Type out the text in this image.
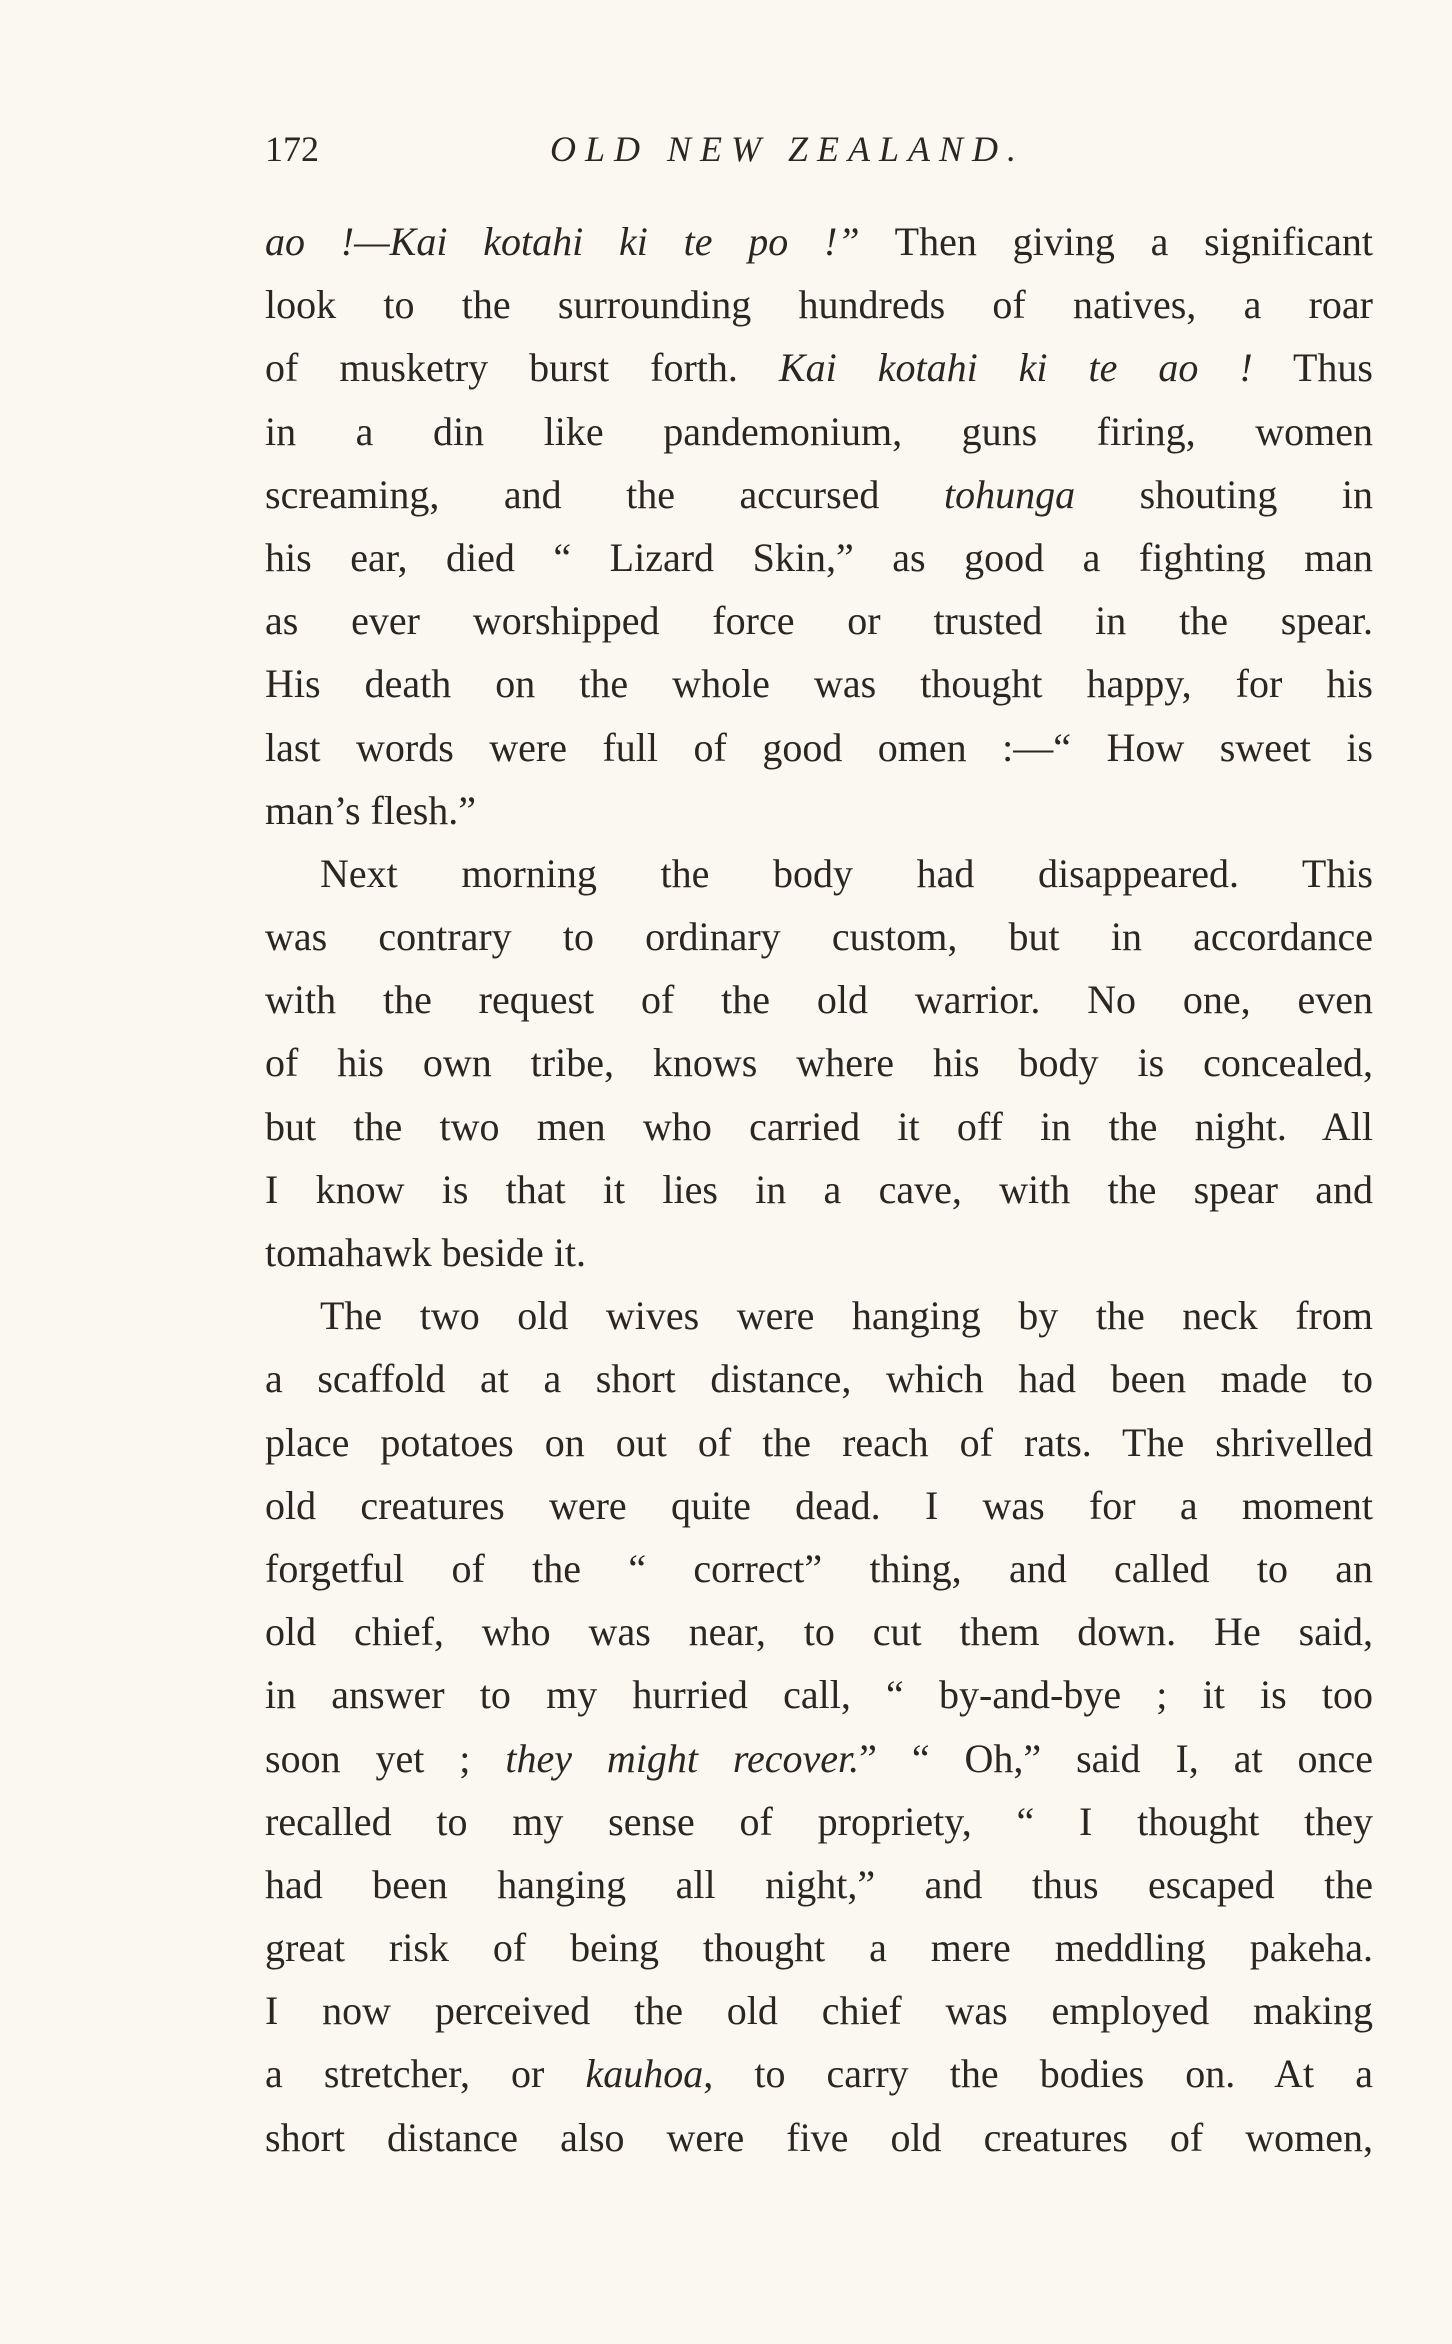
172	OLD NEW ZEALAND.
ao !—Kai kotahi ki te po !” Then giving a significant
look to the surrounding hundreds of natives, a roar
of musketry burst forth. Kai kotahi ki te ao ! Thus
in a din like pandemonium, guns firing, women
screaming, and the accursed tohunga shouting in
his ear, died “ Lizard Skin,” as good a fighting man
as ever worshipped force or trusted in the spear.
His death on the whole was thought happy, for his
last words were full of good omen :—“ How sweet is
man’s flesh.”
Next morning the body had disappeared. This
was contrary to ordinary custom, but in accordance
with the request of the old warrior. No one, even
of his own tribe, knows where his body is concealed,
but the two men who carried it off in the night. All
I know is that it lies in a cave, with the spear and
tomahawk beside it.
The two old wives were hanging by the neck from
a scaffold at a short distance, which had been made to
place potatoes on out of the reach of rats. The shrivelled
old creatures were quite dead. I was for a moment
forgetful of the “ correct” thing, and called to an
old chief, who was near, to cut them down. He said,
in answer to my hurried call, “ by-and-bye ; it is too
soon yet ; they might recover.” “ Oh,” said I, at once
recalled to my sense of propriety, “ I thought they
had been hanging all night,” and thus escaped the
great risk of being thought a mere meddling pakeha.
I now perceived the old chief was employed making
a stretcher, or kauhoa, to carry the bodies on. At a
short distance also were five old creatures of women,
